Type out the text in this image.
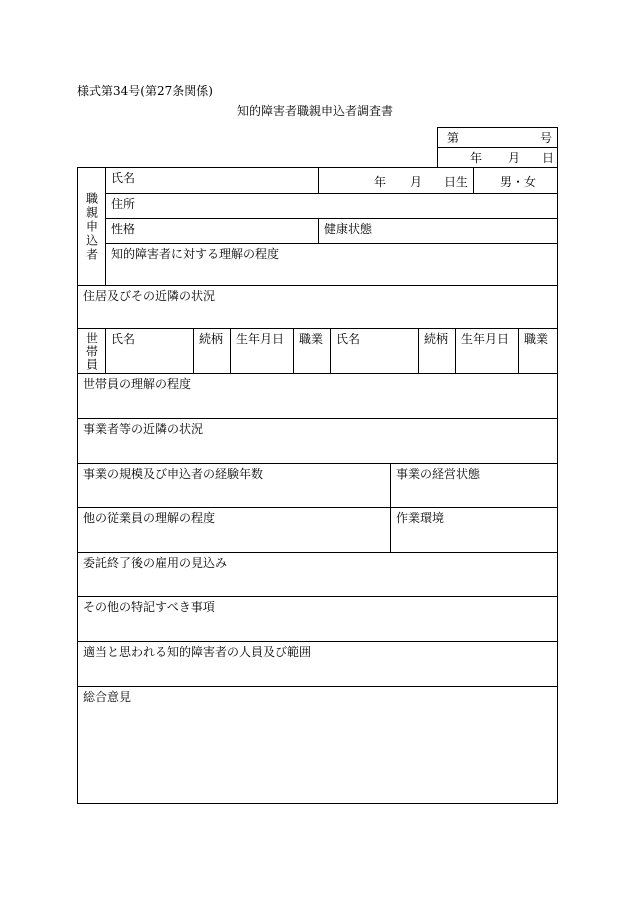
様式第34号(第27条関係)
知的障害者職親申込者調査書
第	号
年 月 日
職親申込者
氏名	年 月 日生	男・女
住所
性格	健康状態
知的障害者に対する理解の程度
住居及びその近隣の状況
世帯員 氏名	続柄 生年月日 職業 氏名	続柄 生年月日 職業
世帯員の理解の程度
事業者等の近隣の状況
事業の規模及び申込者の経験年数	事業の経営状態
他の従業員の理解の程度	作業環境
委託終了後の雇用の見込み
その他の特記すべき事項
適当と思われる知的障害者の人員及び範囲
総合意見
